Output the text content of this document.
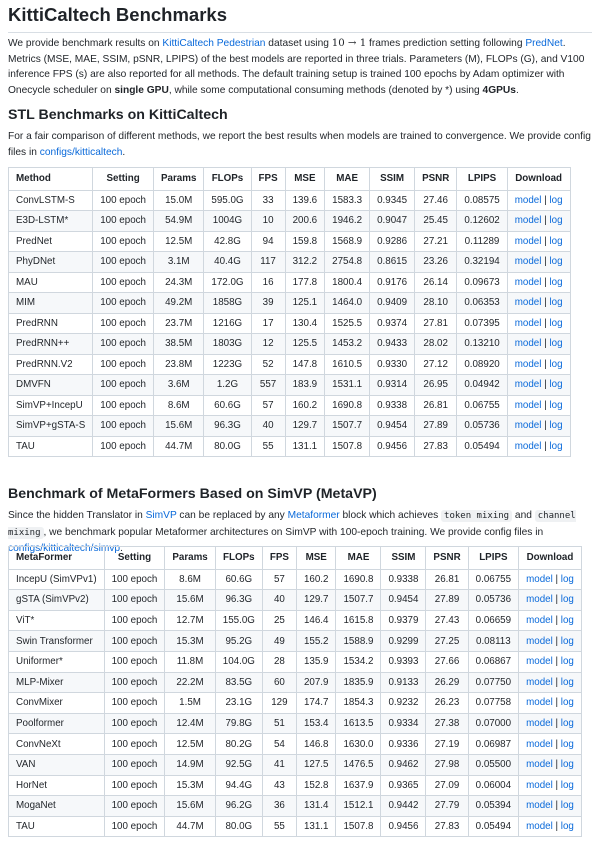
KittiCaltech Benchmarks

We provide benchmark results on KittiCaltech Pedestrian dataset using 10 → 1 frames prediction setting following PredNet. Metrics (MSE, MAE, SSIM, pSNR, LPIPS) of the best models are reported in three trials. Parameters (M), FLOPs (G), and V100 inference FPS (s) are also reported for all methods. The default training setup is trained 100 epochs by Adam optimizer with Onecycle scheduler on single GPU, while some computational consuming methods (denoted by *) using 4GPUs.

STL Benchmarks on KittiCaltech

For a fair comparison of different methods, we report the best results when models are trained to convergence. We provide config files in configs/kitticaltech.

Method	Setting	Params	FLOPs	FPS	MSE	MAE	SSIM	PSNR	LPIPS	Download
ConvLSTM-S	100 epoch	15.0M	595.0G	33	139.6	1583.3	0.9345	27.46	0.08575	model | log
E3D-LSTM*	100 epoch	54.9M	1004G	10	200.6	1946.2	0.9047	25.45	0.12602	model | log
PredNet	100 epoch	12.5M	42.8G	94	159.8	1568.9	0.9286	27.21	0.11289	model | log
PhyDNet	100 epoch	3.1M	40.4G	117	312.2	2754.8	0.8615	23.26	0.32194	model | log
MAU	100 epoch	24.3M	172.0G	16	177.8	1800.4	0.9176	26.14	0.09673	model | log
MIM	100 epoch	49.2M	1858G	39	125.1	1464.0	0.9409	28.10	0.06353	model | log
PredRNN	100 epoch	23.7M	1216G	17	130.4	1525.5	0.9374	27.81	0.07395	model | log
PredRNN++	100 epoch	38.5M	1803G	12	125.5	1453.2	0.9433	28.02	0.13210	model | log
PredRNN.V2	100 epoch	23.8M	1223G	52	147.8	1610.5	0.9330	27.12	0.08920	model | log
DMVFN	100 epoch	3.6M	1.2G	557	183.9	1531.1	0.9314	26.95	0.04942	model | log
SimVP+IncepU	100 epoch	8.6M	60.6G	57	160.2	1690.8	0.9338	26.81	0.06755	model | log
SimVP+gSTA-S	100 epoch	15.6M	96.3G	40	129.7	1507.7	0.9454	27.89	0.05736	model | log
TAU	100 epoch	44.7M	80.0G	55	131.1	1507.8	0.9456	27.83	0.05494	model | log
Benchmark of MetaFormers Based on SimVP (MetaVP)

Since the hidden Translator in SimVP can be replaced by any Metaformer block which achieves token mixing and channel mixing , we benchmark popular Metaformer architectures on SimVP with 100-epoch training. We provide config files in configs/kitticaltech/simvp.

MetaFormer	Setting	Params	FLOPs	FPS	MSE	MAE	SSIM	PSNR	LPIPS	Download
IncepU (SimVPv1)	100 epoch	8.6M	60.6G	57	160.2	1690.8	0.9338	26.81	0.06755	model | log
gSTA (SimVPv2)	100 epoch	15.6M	96.3G	40	129.7	1507.7	0.9454	27.89	0.05736	model | log
ViT*	100 epoch	12.7M	155.0G	25	146.4	1615.8	0.9379	27.43	0.06659	model | log
Swin Transformer	100 epoch	15.3M	95.2G	49	155.2	1588.9	0.9299	27.25	0.08113	model | log
Uniformer*	100 epoch	11.8M	104.0G	28	135.9	1534.2	0.9393	27.66	0.06867	model | log
MLP-Mixer	100 epoch	22.2M	83.5G	60	207.9	1835.9	0.9133	26.29	0.07750	model | log
ConvMixer	100 epoch	1.5M	23.1G	129	174.7	1854.3	0.9232	26.23	0.07758	model | log
Poolformer	100 epoch	12.4M	79.8G	51	153.4	1613.5	0.9334	27.38	0.07000	model | log
ConvNeXt	100 epoch	12.5M	80.2G	54	146.8	1630.0	0.9336	27.19	0.06987	model | log
VAN	100 epoch	14.9M	92.5G	41	127.5	1476.5	0.9462	27.98	0.05500	model | log
HorNet	100 epoch	15.3M	94.4G	43	152.8	1637.9	0.9365	27.09	0.06004	model | log
MogaNet	100 epoch	15.6M	96.2G	36	131.4	1512.1	0.9442	27.79	0.05394	model | log
TAU	100 epoch	44.7M	80.0G	55	131.1	1507.8	0.9456	27.83	0.05494	model | log
